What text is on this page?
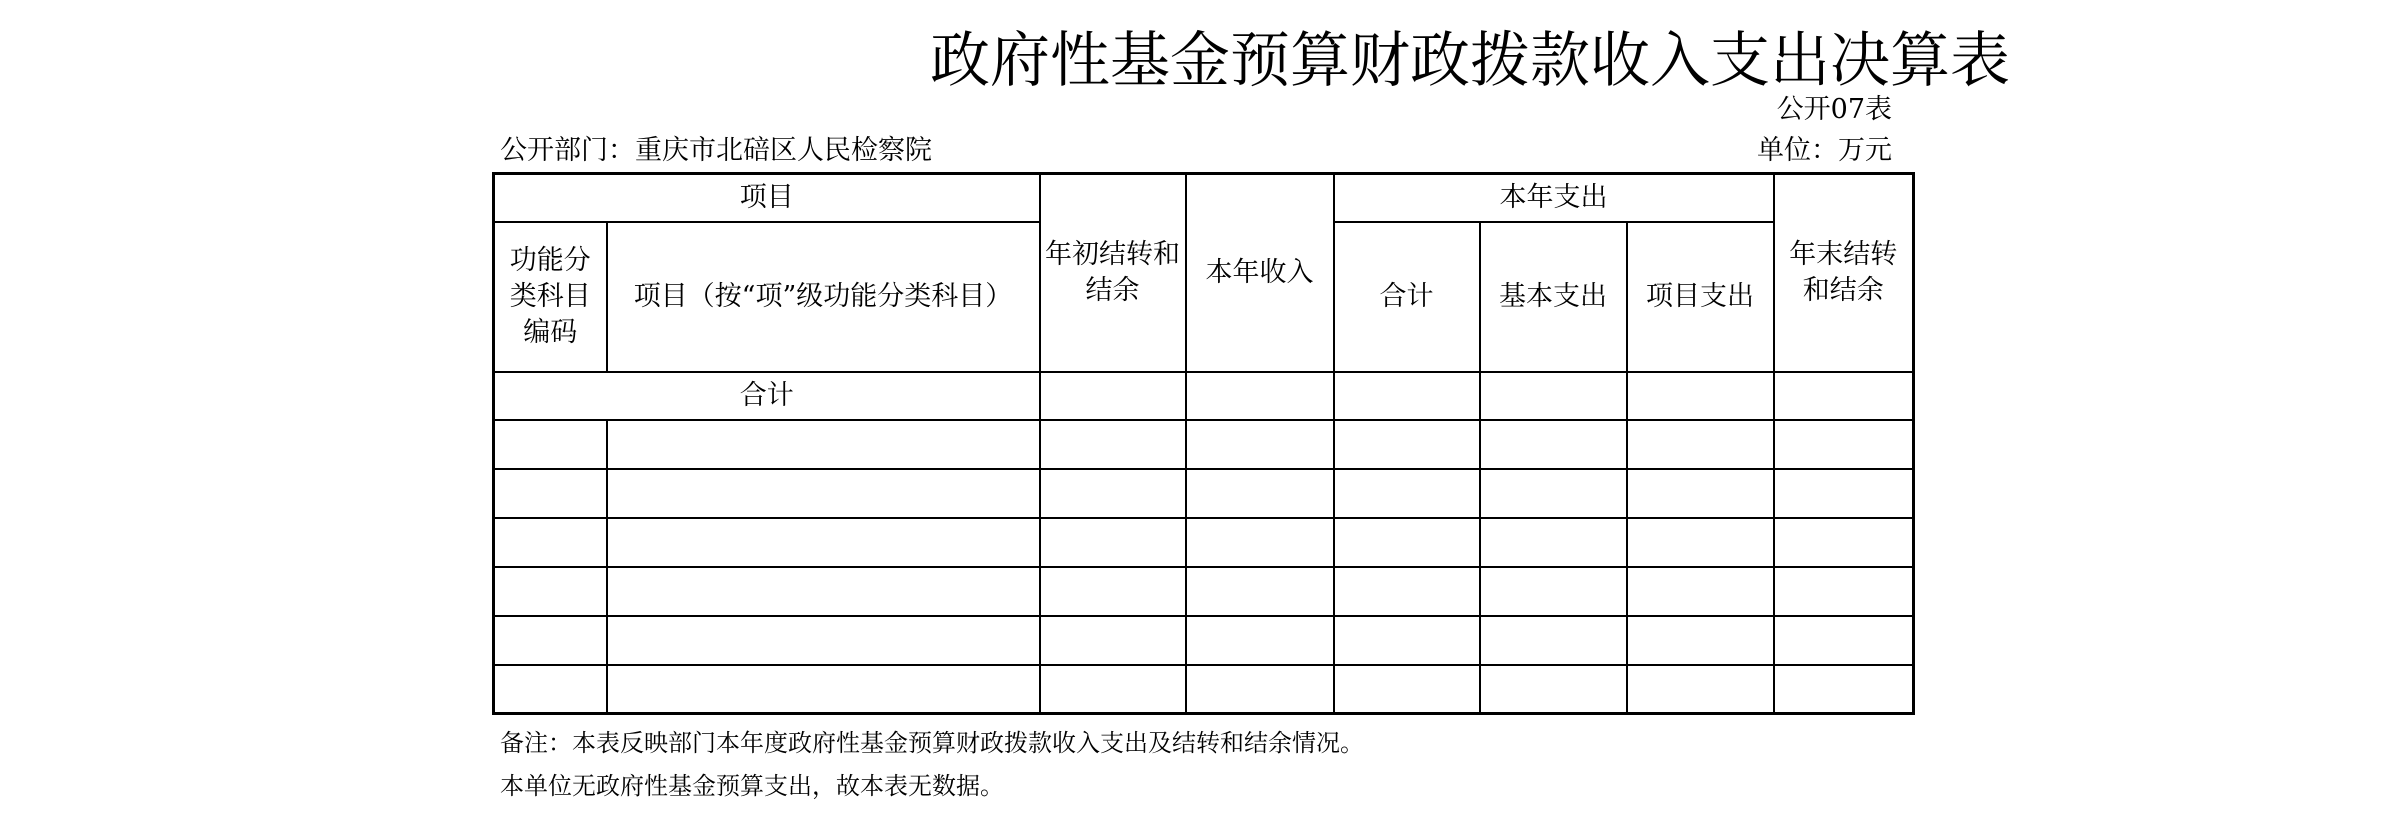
政府性基金预算财政拨款收入支出决算表
公开07表
公开部门：重庆市北碚区人民检察院	单位：万元
项目		年初结转和结余	本年收入	本年支出			年末结转和结余
功能分类科目编码	项目（按“项”级功能分类科目）			合计	基本支出	项目支出	
合计							

备注：本表反映部门本年度政府性基金预算财政拨款收入支出及结转和结余情况。
本单位无政府性基金预算支出，故本表无数据。
